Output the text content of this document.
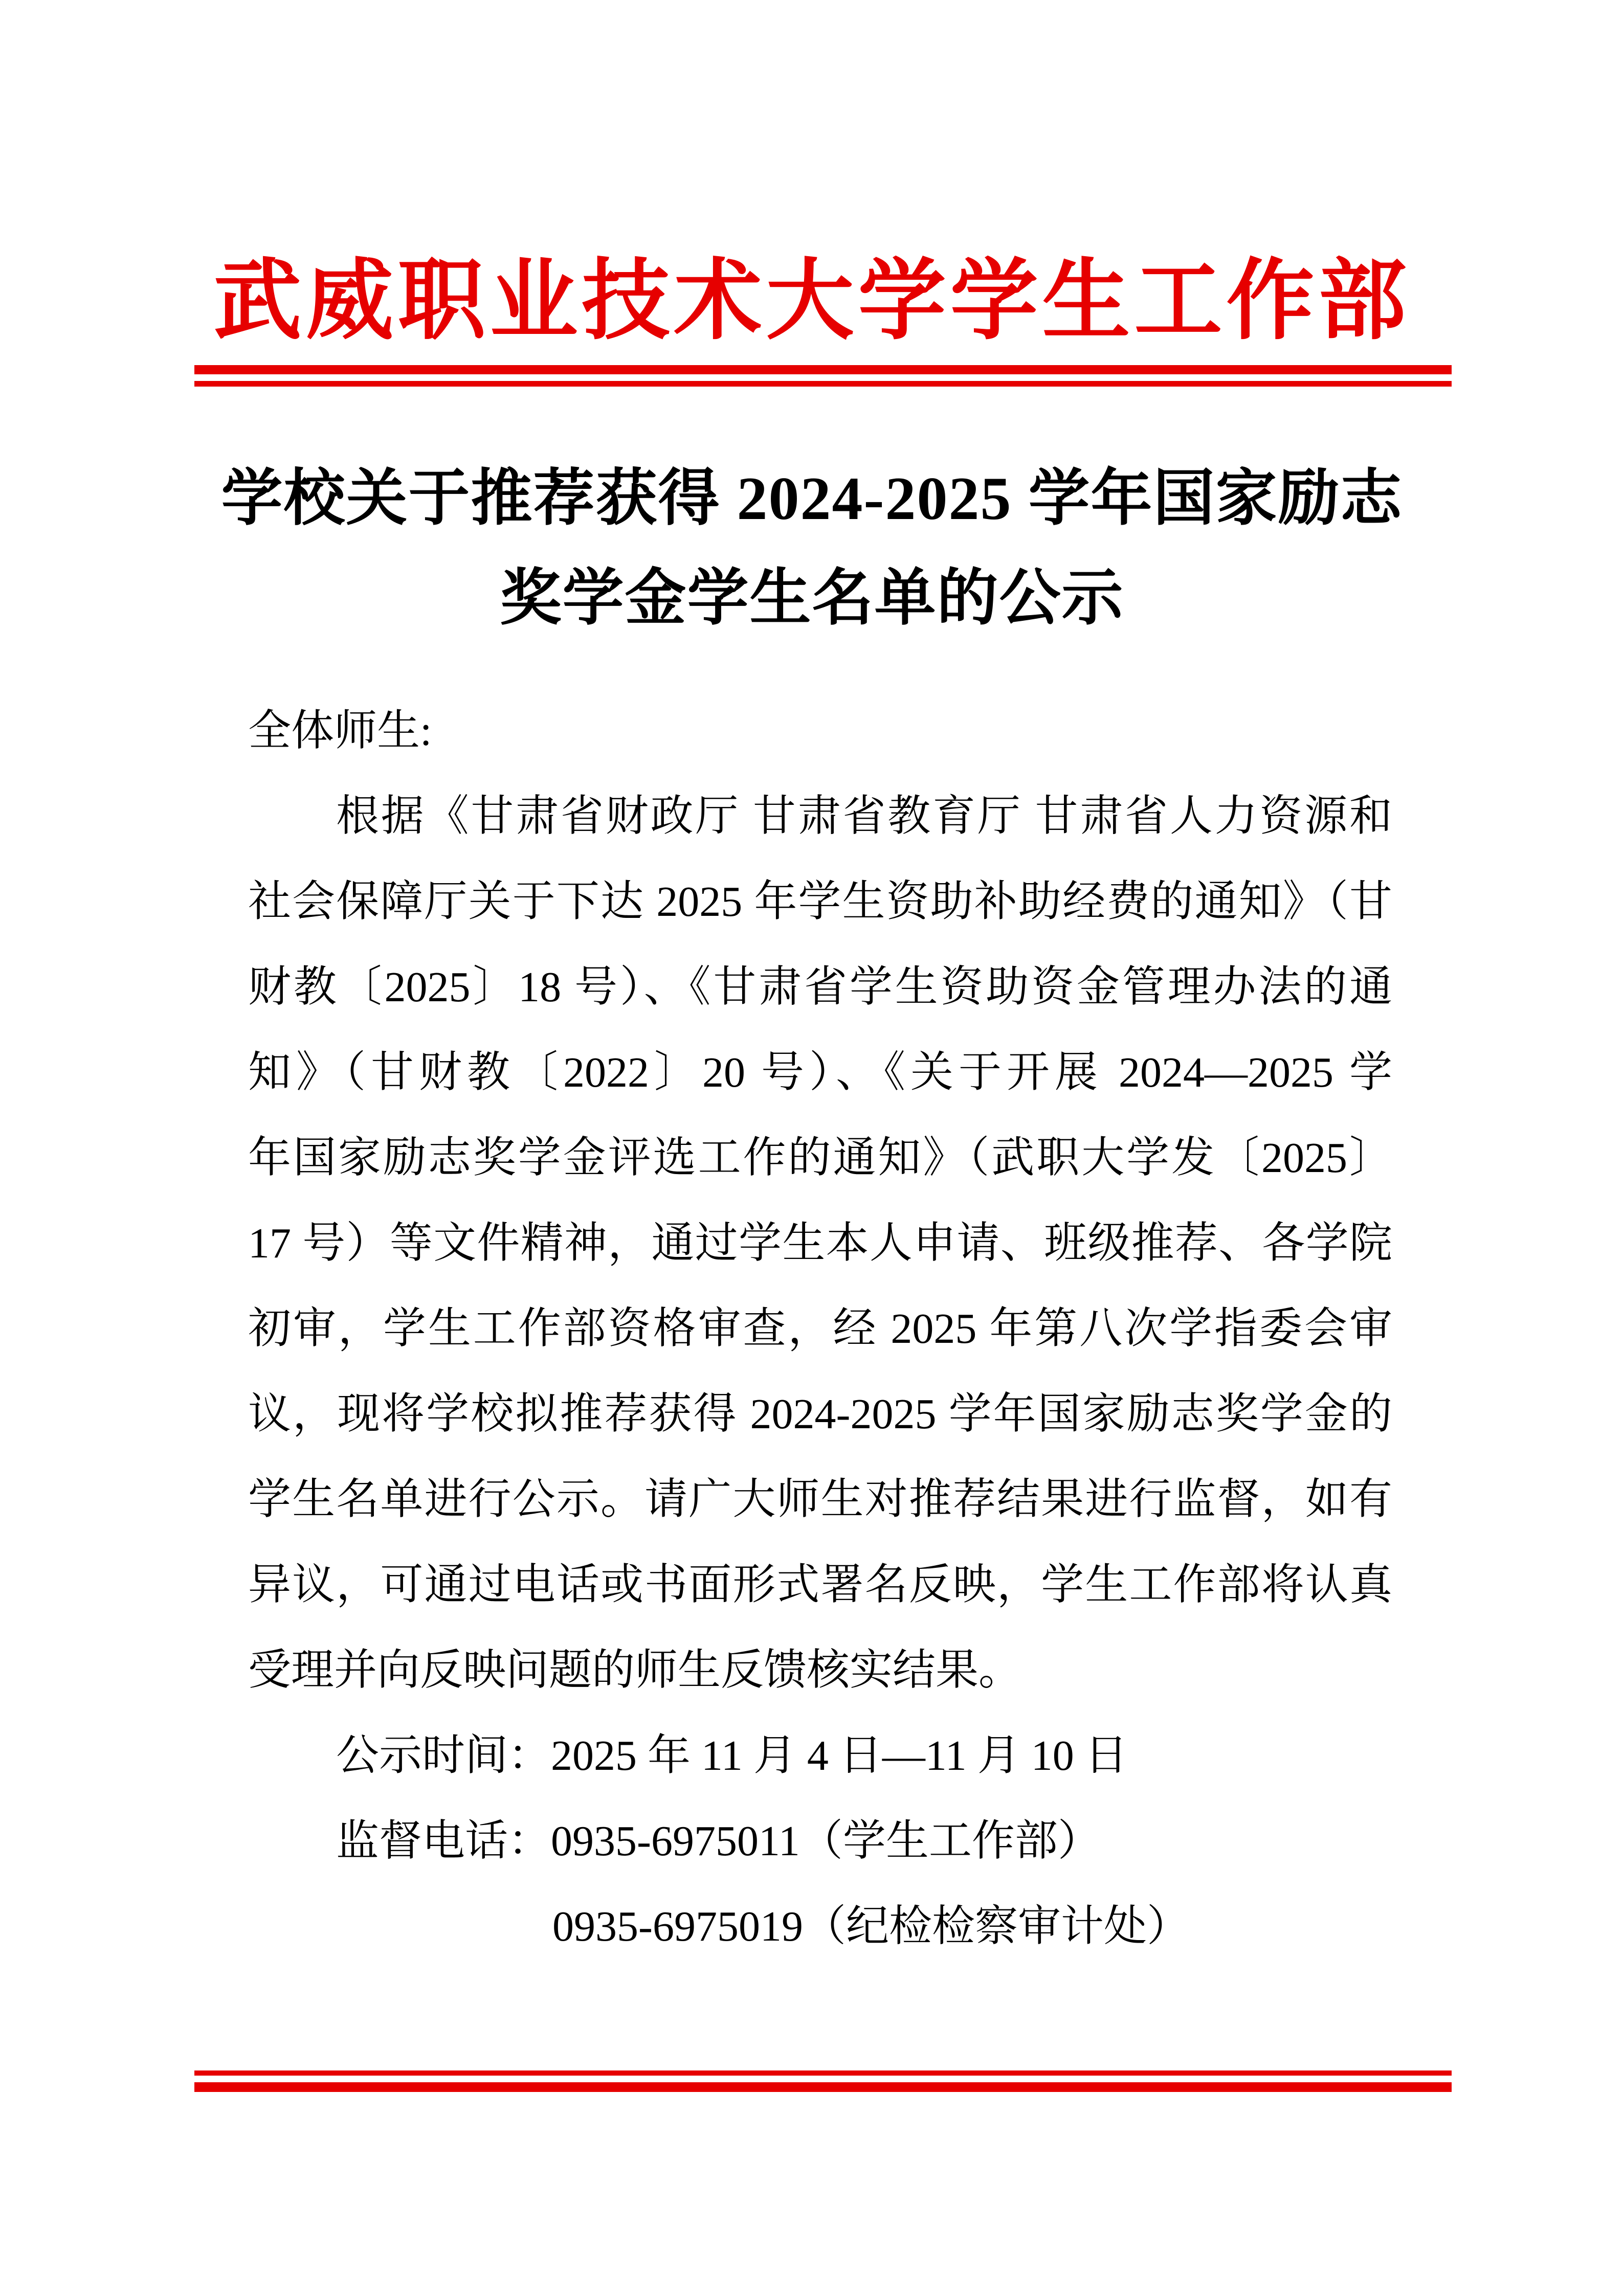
武威职业技术大学学生工作部
学校关于推荐获得 2024-2025 学年国家励志
奖学金学生名单的公示
全体师生:
根据《甘肃省财政厅 甘肃省教育厅 甘肃省人力资源和
社会保障厅关于下达 2025 年学生资助补助经费的通知》（甘
财教〔2025〕18 号）、《甘肃省学生资助资金管理办法的通
知》（甘财教〔2022〕20 号）、《关于开展 2024—2025 学
年国家励志奖学金评选工作的通知》（武职大学发〔2025〕
17 号）等文件精神，通过学生本人申请、班级推荐、各学院
初审，学生工作部资格审查，经 2025 年第八次学指委会审
议，现将学校拟推荐获得 2024-2025 学年国家励志奖学金的
学生名单进行公示。请广大师生对推荐结果进行监督，如有
异议，可通过电话或书面形式署名反映，学生工作部将认真
受理并向反映问题的师生反馈核实结果。
公示时间：2025 年 11 月 4 日—11 月 10 日
监督电话：0935-6975011（学生工作部）
0935-6975019（纪检检察审计处）
